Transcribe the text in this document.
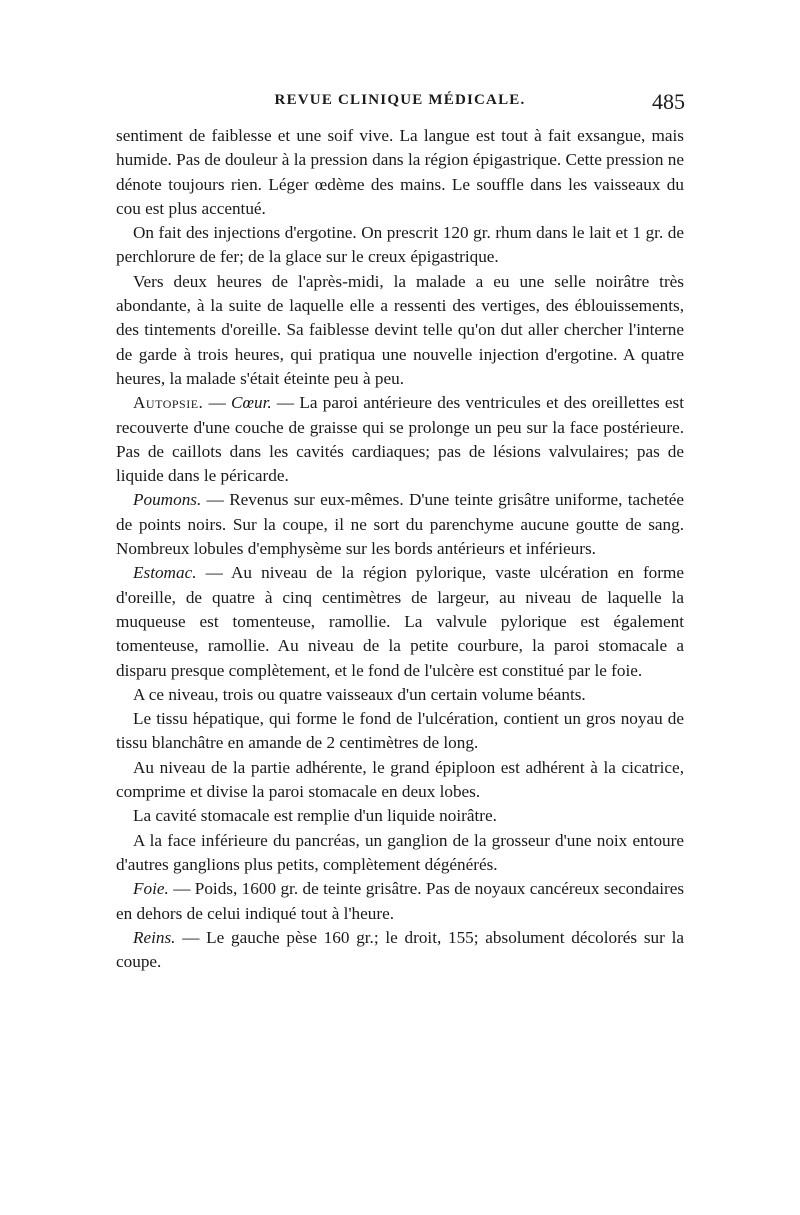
REVUE CLINIQUE MÉDICALE.	485

sentiment de faiblesse et une soif vive. La langue est tout à fait exsangue, mais humide. Pas de douleur à la pression dans la région épigastrique. Cette pression ne dénote toujours rien. Léger œdème des mains. Le souffle dans les vaisseaux du cou est plus accentué.

On fait des injections d'ergotine. On prescrit 120 gr. rhum dans le lait et 1 gr. de perchlorure de fer; de la glace sur le creux épigastrique.

Vers deux heures de l'après-midi, la malade a eu une selle noirâtre très abondante, à la suite de laquelle elle a ressenti des vertiges, des éblouissements, des tintements d'oreille. Sa faiblesse devint telle qu'on dut aller chercher l'interne de garde à trois heures, qui pratiqua une nouvelle injection d'ergotine. A quatre heures, la malade s'était éteinte peu à peu.

Autopsie. — Cœur. — La paroi antérieure des ventricules et des oreillettes est recouverte d'une couche de graisse qui se prolonge un peu sur la face postérieure. Pas de caillots dans les cavités cardiaques; pas de lésions valvulaires; pas de liquide dans le péricarde.

Poumons. — Revenus sur eux-mêmes. D'une teinte grisâtre uniforme, tachetée de points noirs. Sur la coupe, il ne sort du parenchyme aucune goutte de sang. Nombreux lobules d'emphysème sur les bords antérieurs et inférieurs.

Estomac. — Au niveau de la région pylorique, vaste ulcération en forme d'oreille, de quatre à cinq centimètres de largeur, au niveau de laquelle la muqueuse est tomenteuse, ramollie. La valvule pylorique est également tomenteuse, ramollie. Au niveau de la petite courbure, la paroi stomacale a disparu presque complètement, et le fond de l'ulcère est constitué par le foie.

A ce niveau, trois ou quatre vaisseaux d'un certain volume béants.

Le tissu hépatique, qui forme le fond de l'ulcération, contient un gros noyau de tissu blanchâtre en amande de 2 centimètres de long.

Au niveau de la partie adhérente, le grand épiploon est adhérent à la cicatrice, comprime et divise la paroi stomacale en deux lobes.

La cavité stomacale est remplie d'un liquide noirâtre.

A la face inférieure du pancréas, un ganglion de la grosseur d'une noix entoure d'autres ganglions plus petits, complètement dégénérés.

Foie. — Poids, 1600 gr. de teinte grisâtre. Pas de noyaux cancéreux secondaires en dehors de celui indiqué tout à l'heure.

Reins. — Le gauche pèse 160 gr.; le droit, 155; absolument décolorés sur la coupe.
